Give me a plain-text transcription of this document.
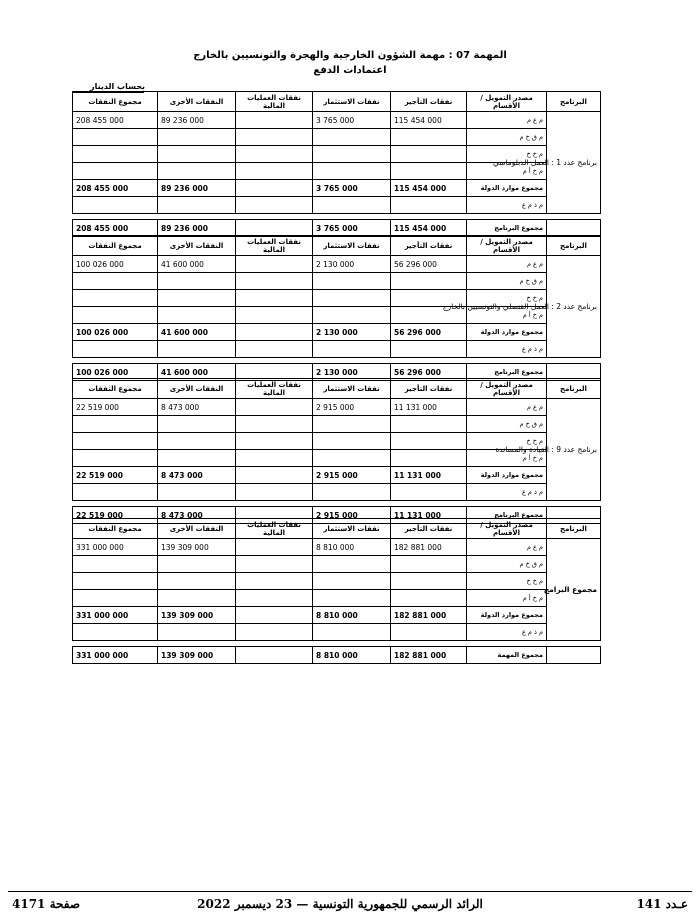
المهمة 07 : مهمة الشؤون الخارجية والهجرة والتونسيين بالخارج
اعتمادات الدفع
بحساب الدينار
مجموع النفقات	النفقات الأخرى	نفقات العمليات المالية	نفقات الاستثمار	نفقات التأجير	مصدر التمويل / الأقسام	البرنامج
208 455 000	89 236 000		3 765 000	115 454 000	م ع م	برنامج عدد 1 : العمل الدبلوماسي
					م ق خ م	
					م خ خ	
					م خ أ م	
208 455 000	89 236 000		3 765 000	115 454 000	مجموع موارد الدولة	
					م ذ م ع	

208 455 000	89 236 000		3 765 000	115 454 000	مجموع البرنامج	
مجموع النفقات	النفقات الأخرى	نفقات العمليات المالية	نفقات الاستثمار	نفقات التأجير	مصدر التمويل / الأقسام	البرنامج
100 026 000	41 600 000		2 130 000	56 296 000	م ع م	برنامج عدد 2 : العمل القنصلي والتونسيين بالخارج
					م ق خ م	
					م خ خ	
					م خ أ م	
100 026 000	41 600 000		2 130 000	56 296 000	مجموع موارد الدولة	
					م ذ م ع	

100 026 000	41 600 000		2 130 000	56 296 000	مجموع البرنامج	
مجموع النفقات	النفقات الأخرى	نفقات العمليات المالية	نفقات الاستثمار	نفقات التأجير	مصدر التمويل / الأقسام	البرنامج
22 519 000	8 473 000		2 915 000	11 131 000	م ع م	برنامج عدد 9 : القيادة والمساندة
					م ق خ م	
					م خ خ	
					م خ أ م	
22 519 000	8 473 000		2 915 000	11 131 000	مجموع موارد الدولة	
					م ذ م ع	

22 519 000	8 473 000		2 915 000	11 131 000	مجموع البرنامج	
مجموع النفقات	النفقات الأخرى	نفقات العمليات المالية	نفقات الاستثمار	نفقات التأجير	مصدر التمويل / الأقسام	البرنامج
331 000 000	139 309 000		8 810 000	182 881 000	م ع م	مجموع البرامج
					م ق خ م	
					م خ خ	
					م خ أ م	
331 000 000	139 309 000		8 810 000	182 881 000	مجموع موارد الدولة	
					م ذ م ع	

331 000 000	139 309 000		8 810 000	182 881 000	مجموع المهمة	
صفحة 4171	الرائد الرسمي للجمهورية التونسية — 23 ديسمبر 2022	عـدد 141
